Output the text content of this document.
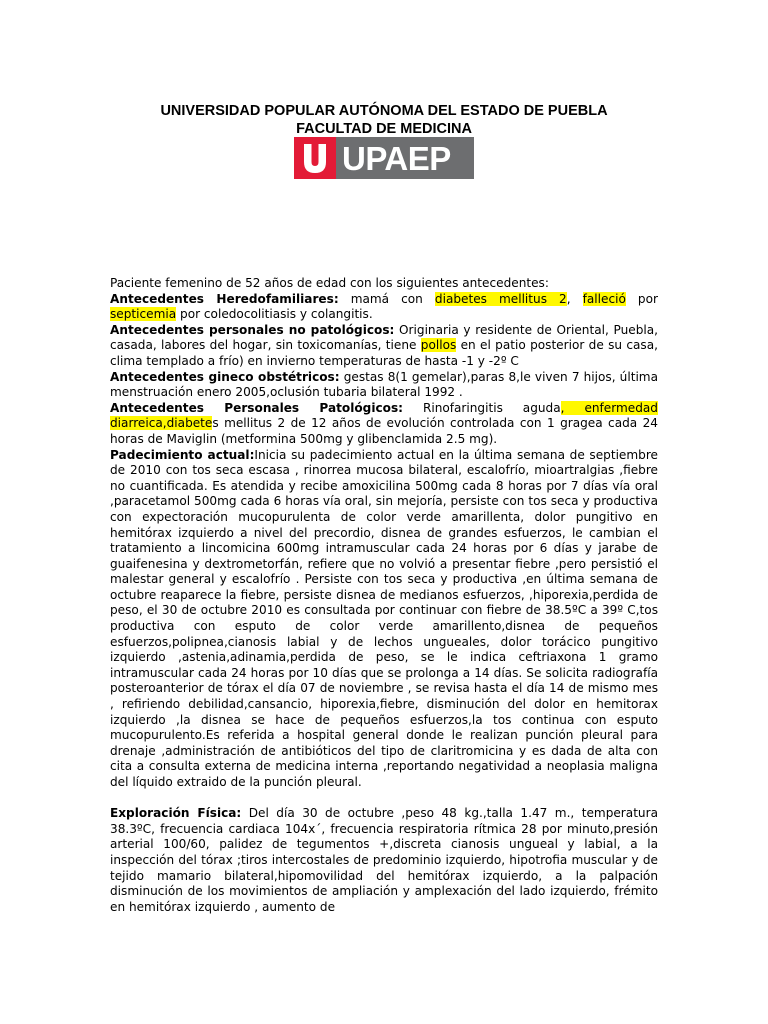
UNIVERSIDAD POPULAR AUTÓNOMA DEL ESTADO DE PUEBLA
FACULTAD DE MEDICINA
UPAEP

Paciente femenino de 52 años de edad con los siguientes antecedentes:

Antecedentes Heredofamiliares: mamá con diabetes mellitus 2, falleció por septicemia por coledocolitiasis y colangitis.

Antecedentes personales no patológicos: Originaria y residente de Oriental, Puebla, casada, labores del hogar, sin toxicomanías, tiene pollos en el patio posterior de su casa, clima templado a frío) en invierno temperaturas de hasta -1 y -2º C

Antecedentes gineco obstétricos: gestas 8(1 gemelar),paras 8,le viven 7 hijos, última menstruación enero 2005,oclusión tubaria bilateral 1992 .

Antecedentes Personales Patológicos: Rinofaringitis aguda, enfermedad diarreica,diabetes mellitus 2 de 12 años de evolución controlada con 1 gragea cada 24 horas de Maviglin (metformina 500mg y glibenclamida 2.5 mg).

Padecimiento actual:Inicia su padecimiento actual en la última semana de septiembre de 2010 con tos seca escasa , rinorrea mucosa bilateral, escalofrío, mioartralgias ,fiebre no cuantificada. Es atendida y recibe amoxicilina 500mg cada 8 horas por 7 días vía oral ,paracetamol 500mg cada 6 horas vía oral, sin mejoría, persiste con tos seca y productiva con expectoración mucopurulenta de color verde amarillenta, dolor pungitivo en hemitórax izquierdo a nivel del precordio, disnea de grandes esfuerzos, le cambian el tratamiento a lincomicina 600mg intramuscular cada 24 horas por 6 días y jarabe de guaifenesina y dextrometorfán, refiere que no volvió a presentar fiebre ,pero persistió el malestar general y escalofrío . Persiste con tos seca y productiva ,en última semana de octubre reaparece la fiebre, persiste disnea de medianos esfuerzos, ,hiporexia,perdida de peso, el 30 de octubre 2010 es consultada por continuar con fiebre de 38.5ºC a 39º C,tos productiva con esputo de color verde amarillento,disnea de pequeños esfuerzos,polipnea,cianosis labial y de lechos ungueales, dolor torácico pungitivo izquierdo ,astenia,adinamia,perdida de peso, se le indica ceftriaxona 1 gramo intramuscular cada 24 horas por 10 días que se prolonga a 14 días. Se solicita radiografía posteroanterior de tórax el día 07 de noviembre , se revisa hasta el día 14 de mismo mes , refiriendo debilidad,cansancio, hiporexia,fiebre, disminución del dolor en hemitorax izquierdo ,la disnea se hace de pequeños esfuerzos,la tos continua con esputo mucopurulento.Es referida a hospital general donde le realizan punción pleural para drenaje ,administración de antibióticos del tipo de claritromicina y es dada de alta con cita a consulta externa de medicina interna ,reportando negatividad a neoplasia maligna del líquido extraido de la punción pleural.

Exploración Física: Del día 30 de octubre ,peso 48 kg.,talla 1.47 m., temperatura 38.3ºC, frecuencia cardiaca 104x´, frecuencia respiratoria rítmica 28 por minuto,presión arterial 100/60, palidez de tegumentos +,discreta cianosis ungueal y labial, a la inspección del tórax ;tiros intercostales de predominio izquierdo, hipotrofia muscular y de tejido mamario bilateral,hipomovilidad del hemitórax izquierdo, a la palpación disminución de los movimientos de ampliación y amplexación del lado izquierdo, frémito en hemitórax izquierdo , aumento de
